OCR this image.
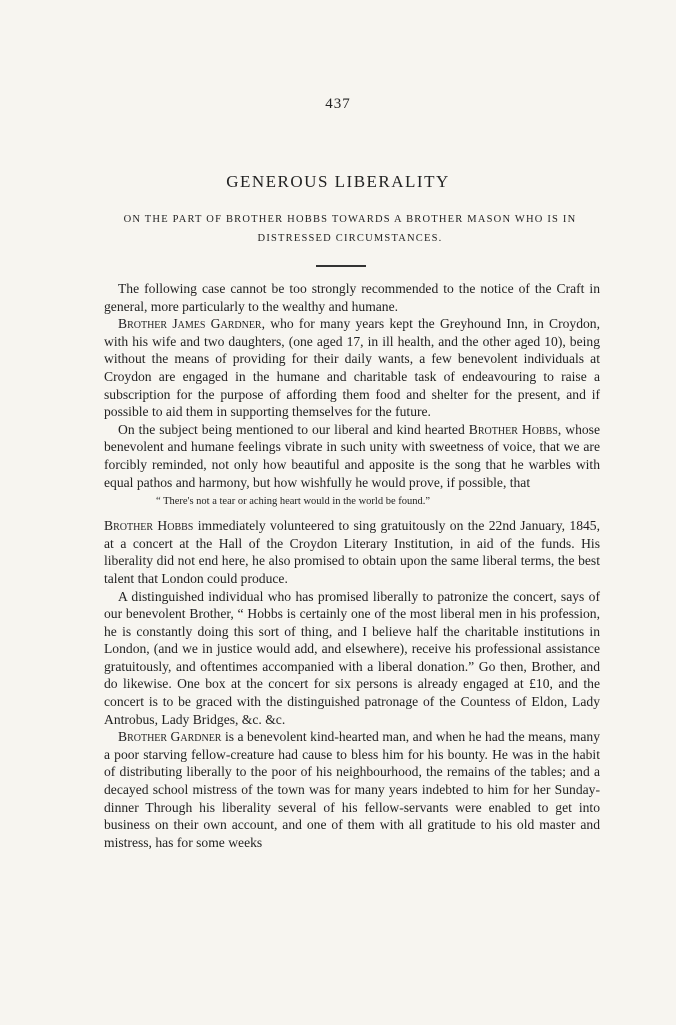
437
GENEROUS LIBERALITY
ON THE PART OF BROTHER HOBBS TOWARDS A BROTHER MASON WHO IS IN DISTRESSED CIRCUMSTANCES.

The following case cannot be too strongly recommended to the notice of the Craft in general, more particularly to the wealthy and humane.

Brother James Gardner, who for many years kept the Greyhound Inn, in Croydon, with his wife and two daughters, (one aged 17, in ill health, and the other aged 10), being without the means of providing for their daily wants, a few benevolent individuals at Croydon are engaged in the humane and charitable task of endeavouring to raise a subscription for the purpose of affording them food and shelter for the present, and if possible to aid them in supporting themselves for the future.

On the subject being mentioned to our liberal and kind hearted Brother Hobbs, whose benevolent and humane feelings vibrate in such unity with sweetness of voice, that we are forcibly reminded, not only how beautiful and apposite is the song that he warbles with equal pathos and harmony, but how wishfully he would prove, if possible, that

“ There's not a tear or aching heart would in the world be found.”

Brother Hobbs immediately volunteered to sing gratuitously on the 22nd January, 1845, at a concert at the Hall of the Croydon Literary Institution, in aid of the funds. His liberality did not end here, he also promised to obtain upon the same liberal terms, the best talent that London could produce.

A distinguished individual who has promised liberally to patronize the concert, says of our benevolent Brother, “ Hobbs is certainly one of the most liberal men in his profession, he is constantly doing this sort of thing, and I believe half the charitable institutions in London, (and we in justice would add, and elsewhere), receive his professional assistance gratuitously, and oftentimes accompanied with a liberal donation.” Go then, Brother, and do likewise. One box at the concert for six persons is already engaged at £10, and the concert is to be graced with the distinguished patronage of the Countess of Eldon, Lady Antrobus, Lady Bridges, &c. &c.

Brother Gardner is a benevolent kind-hearted man, and when he had the means, many a poor starving fellow-creature had cause to bless him for his bounty. He was in the habit of distributing liberally to the poor of his neighbourhood, the remains of the tables; and a decayed school mistress of the town was for many years indebted to him for her Sunday-dinner Through his liberality several of his fellow-servants were enabled to get into business on their own account, and one of them with all gratitude to his old master and mistress, has for some weeks
